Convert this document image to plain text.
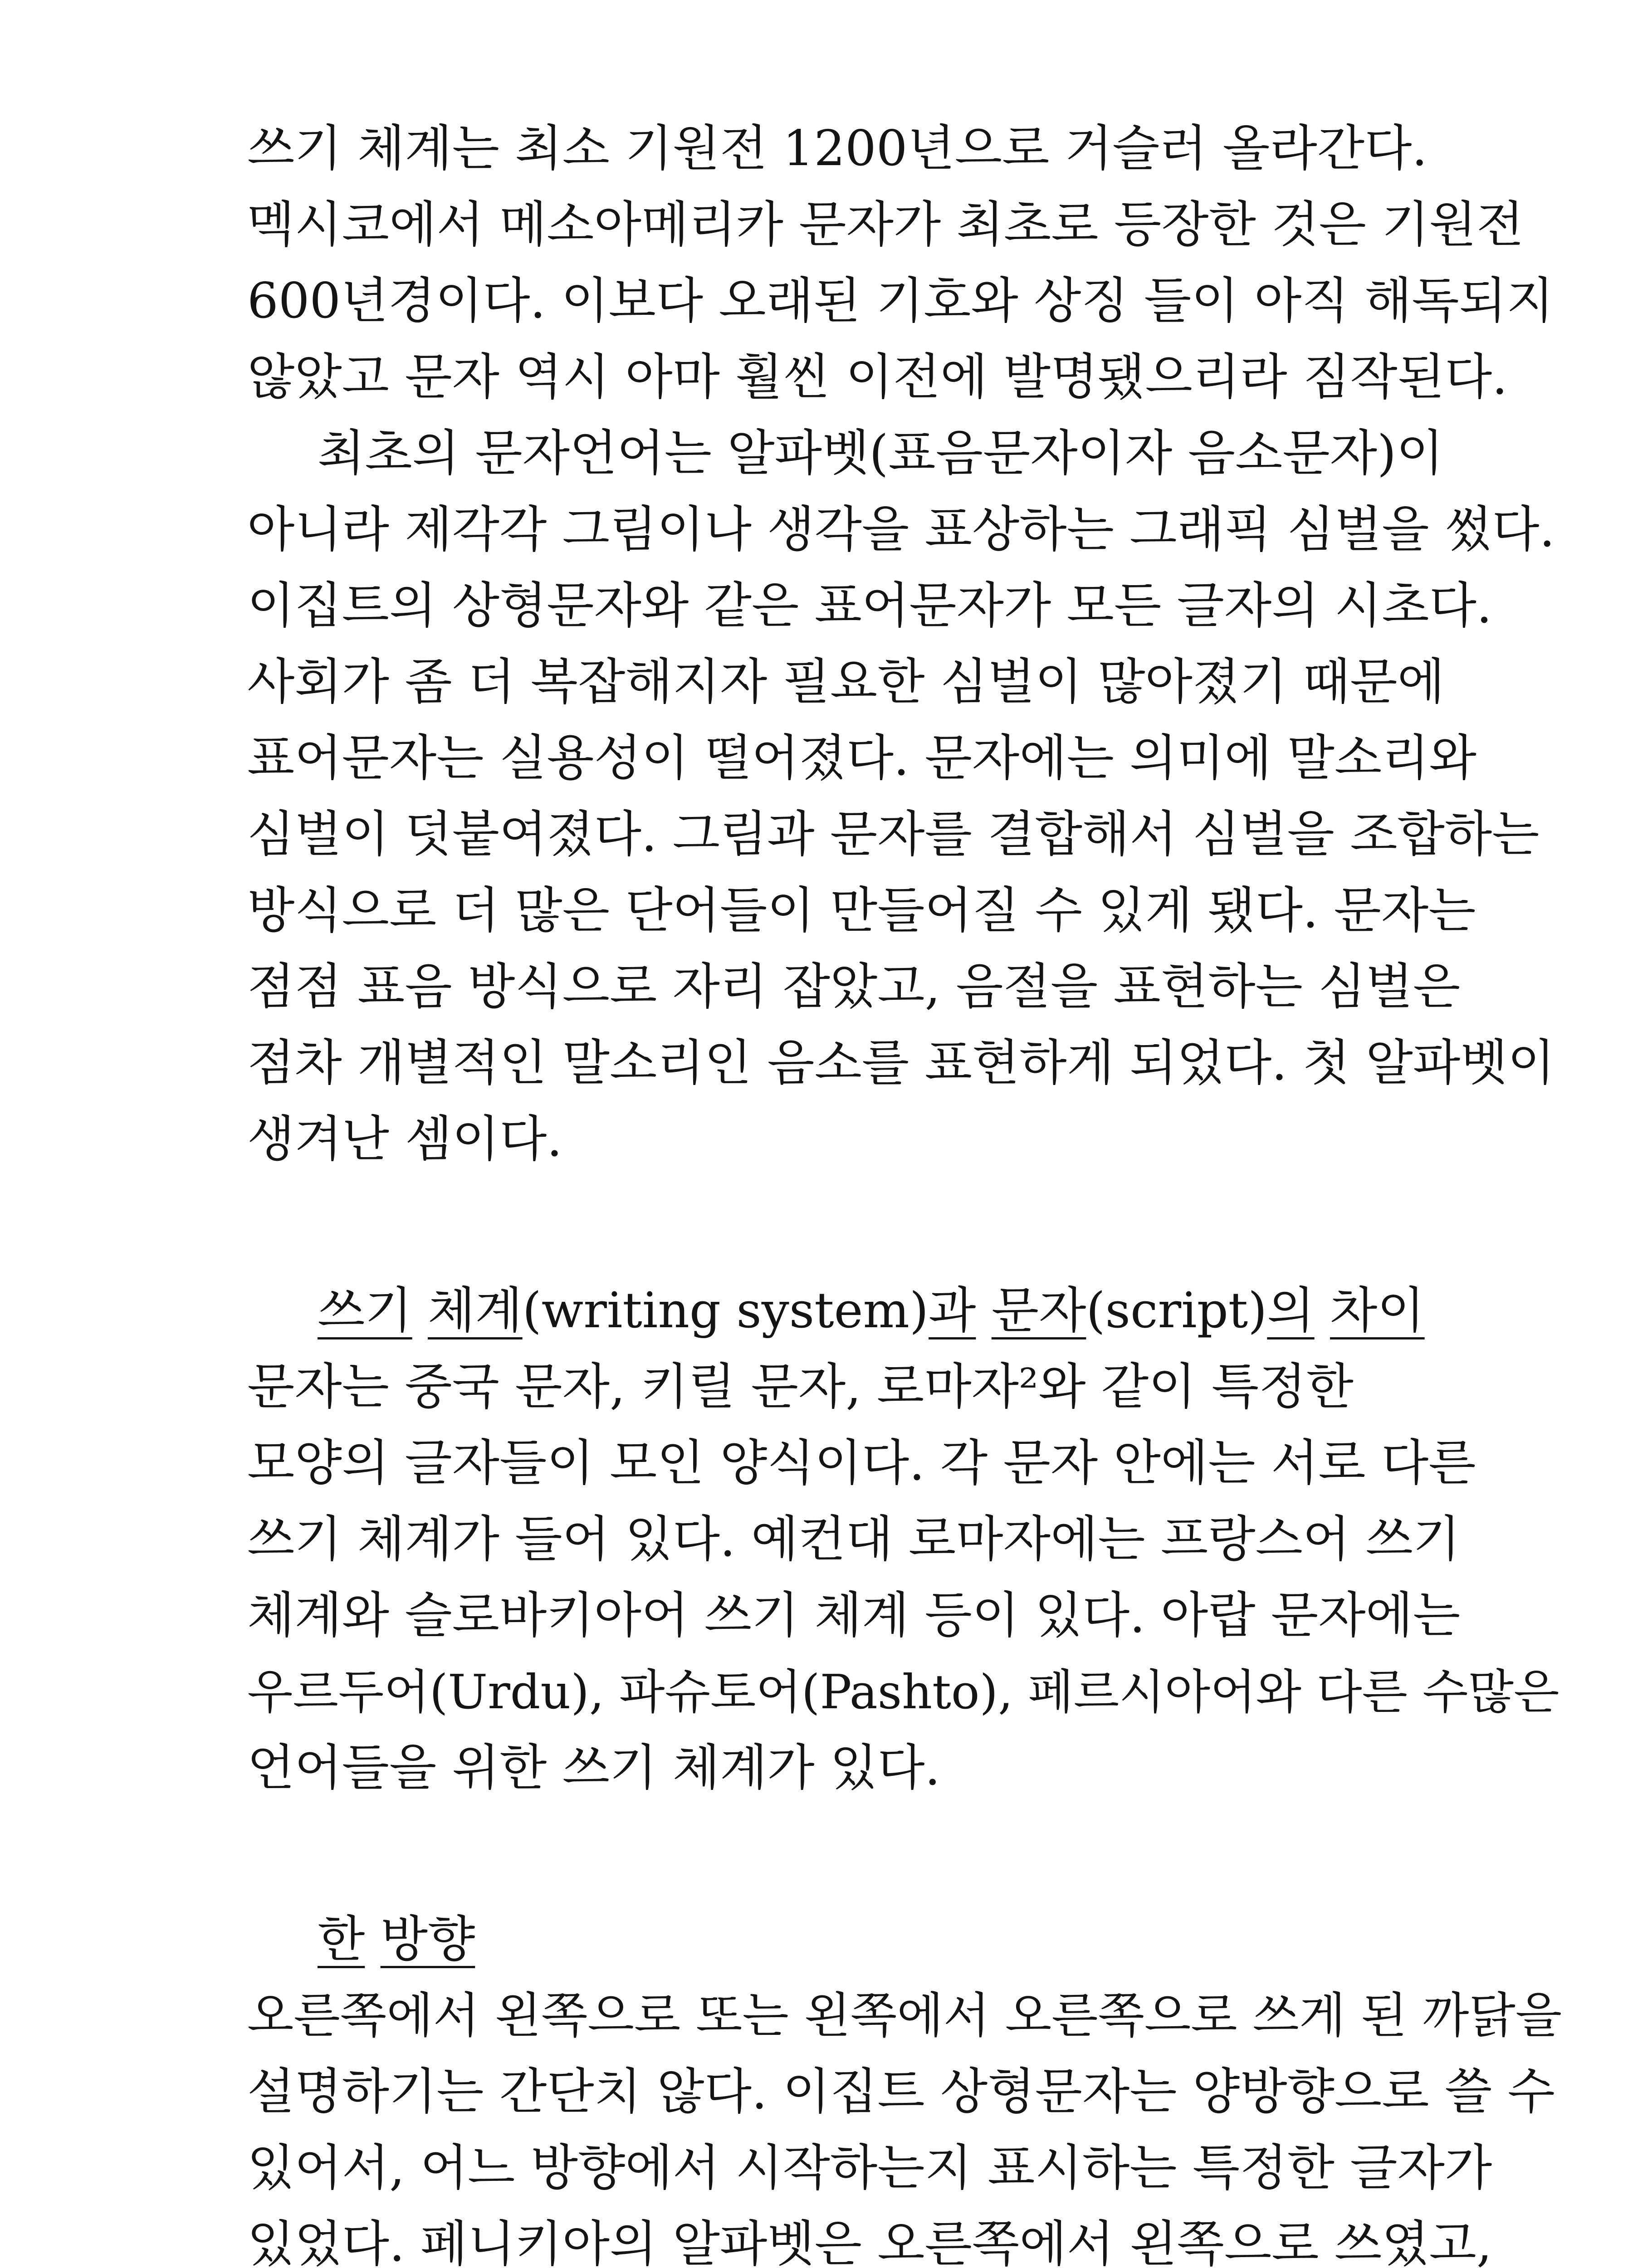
쓰기 체계는 최소 기원전 1200년으로 거슬러 올라간다.
멕시코에서 메소아메리카 문자가 최초로 등장한 것은 기원전
600년경이다. 이보다 오래된 기호와 상징 들이 아직 해독되지
않았고 문자 역시 아마 훨씬 이전에 발명됐으리라 짐작된다.
최초의 문자언어는 알파벳(표음문자이자 음소문자)이
아니라 제각각 그림이나 생각을 표상하는 그래픽 심벌을 썼다.
이집트의 상형문자와 같은 표어문자가 모든 글자의 시초다.
사회가 좀 더 복잡해지자 필요한 심벌이 많아졌기 때문에
표어문자는 실용성이 떨어졌다. 문자에는 의미에 말소리와
심벌이 덧붙여졌다. 그림과 문자를 결합해서 심벌을 조합하는
방식으로 더 많은 단어들이 만들어질 수 있게 됐다. 문자는
점점 표음 방식으로 자리 잡았고, 음절을 표현하는 심벌은
점차 개별적인 말소리인 음소를 표현하게 되었다. 첫 알파벳이
생겨난 셈이다.
쓰기 체계(writing system)과 문자(script)의 차이
문자는 중국 문자, 키릴 문자, 로마자²와 같이 특정한
모양의 글자들이 모인 양식이다. 각 문자 안에는 서로 다른
쓰기 체계가 들어 있다. 예컨대 로마자에는 프랑스어 쓰기
체계와 슬로바키아어 쓰기 체계 등이 있다. 아랍 문자에는
우르두어(Urdu), 파슈토어(Pashto), 페르시아어와 다른 수많은
언어들을 위한 쓰기 체계가 있다.
한 방향
오른쪽에서 왼쪽으로 또는 왼쪽에서 오른쪽으로 쓰게 된 까닭을
설명하기는 간단치 않다. 이집트 상형문자는 양방향으로 쓸 수
있어서, 어느 방향에서 시작하는지 표시하는 특정한 글자가
있었다. 페니키아의 알파벳은 오른쪽에서 왼쪽으로 쓰였고,
